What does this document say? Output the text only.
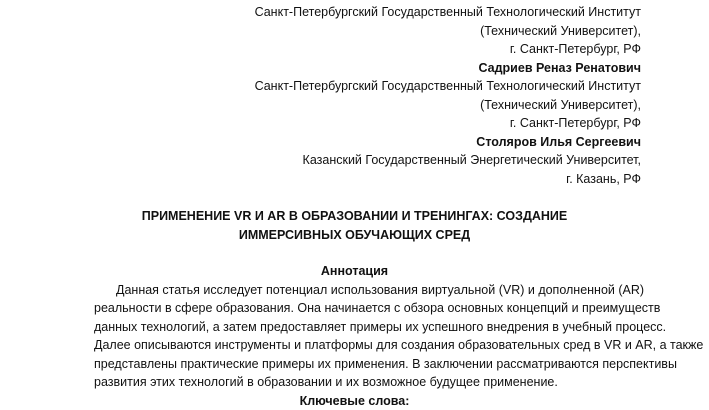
Санкт-Петербургский Государственный Технологический Институт
(Технический Университет),
г. Санкт-Петербург, РФ
Садриев Реназ Ренатович
Санкт-Петербургский Государственный Технологический Институт
(Технический Университет),
г. Санкт-Петербург, РФ
Столяров Илья Сергеевич
Казанский Государственный Энергетический Университет,
г. Казань, РФ
ПРИМЕНЕНИЕ VR И AR В ОБРАЗОВАНИИ И ТРЕНИНГАХ: СОЗДАНИЕ
ИММЕРСИВНЫХ ОБУЧАЮЩИХ СРЕД
Аннотация
Данная статья исследует потенциал использования виртуальной (VR) и дополненной (AR)
реальности в сфере образования. Она начинается с обзора основных концепций и преимуществ
данных технологий, а затем предоставляет примеры их успешного внедрения в учебный процесс.
Далее описываются инструменты и платформы для создания образовательных сред в VR и AR, а также
представлены практические примеры их применения. В заключении рассматриваются перспективы
развития этих технологий в образовании и их возможное будущее применение.
Ключевые слова:
